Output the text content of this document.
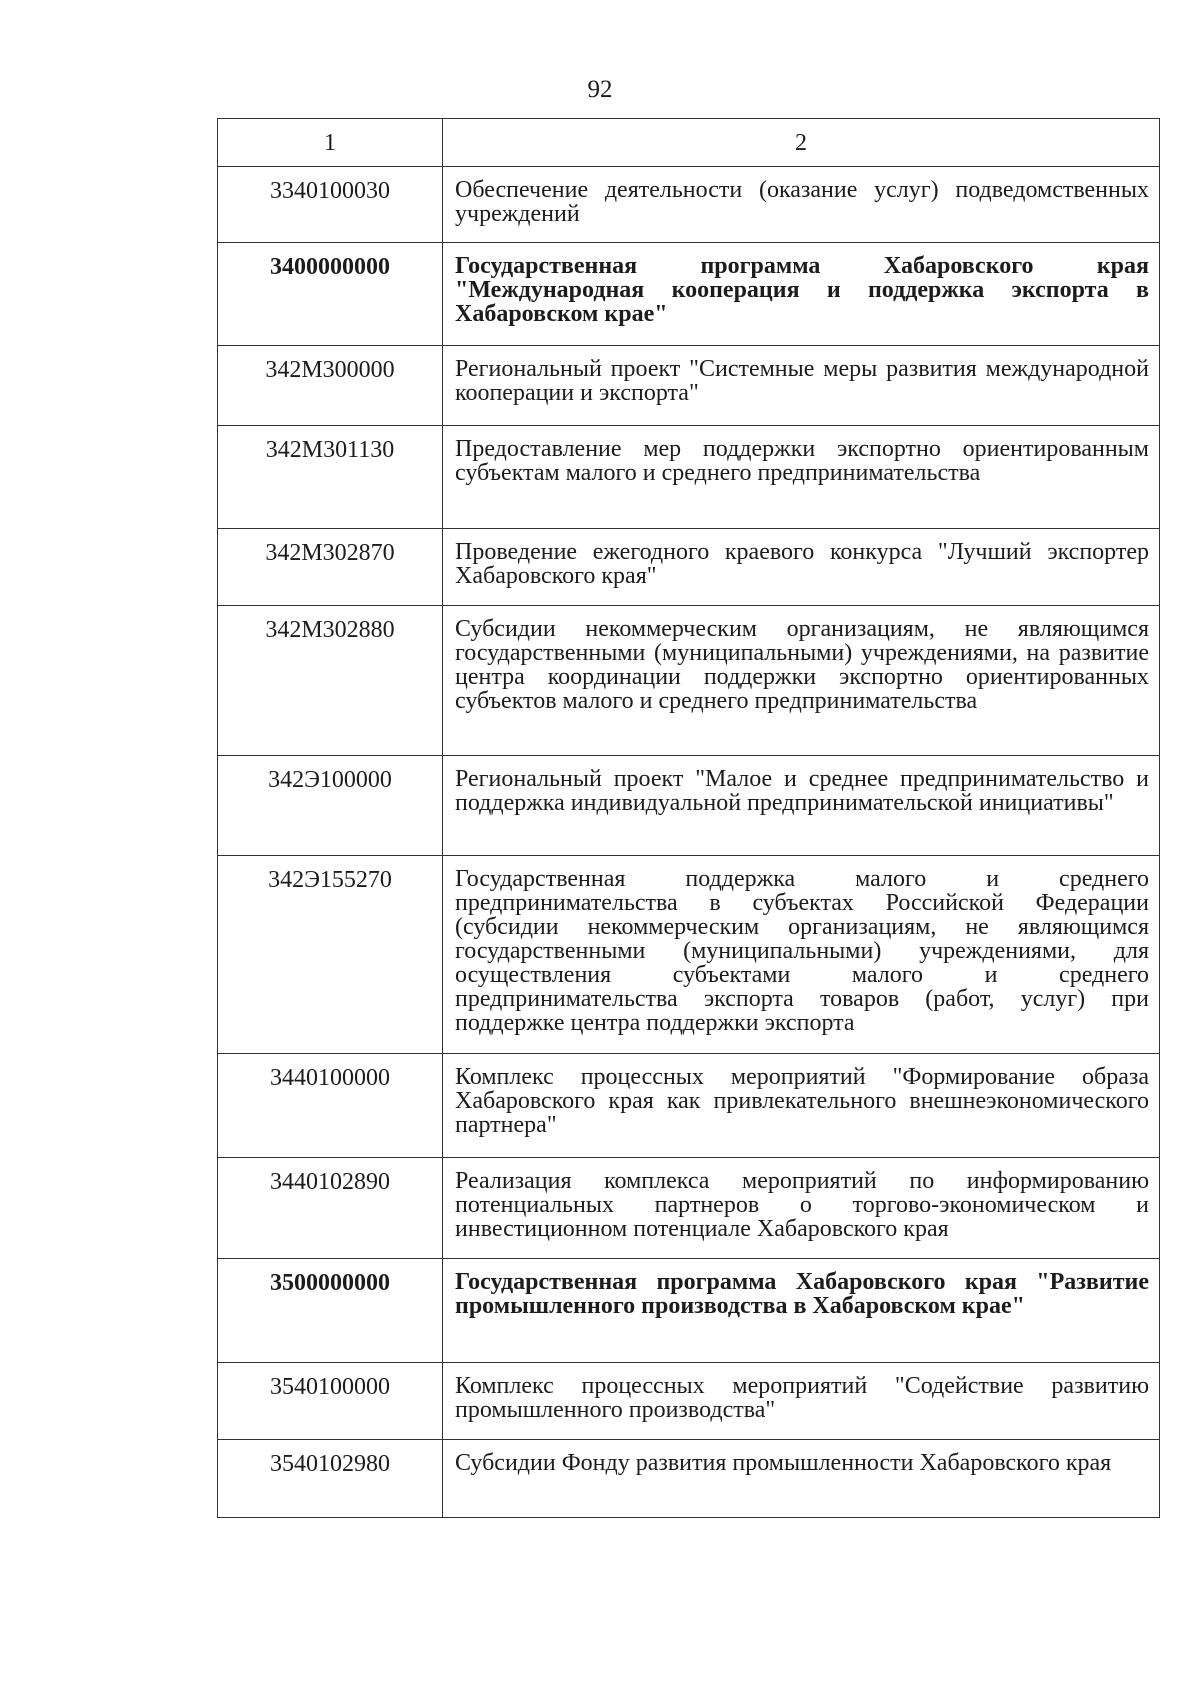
92
1	2
3340100030	Обеспечение деятельности (оказание услуг) подведомственных учреждений
3400000000	Государственная программа Хабаровского края "Международная кооперация и поддержка экспорта в Хабаровском крае"
342М300000	Региональный проект "Системные меры развития международной кооперации и экспорта"
342М301130	Предоставление мер поддержки экспортно ориентированным субъектам малого и среднего предпринимательства
342М302870	Проведение ежегодного краевого конкурса "Лучший экспортер Хабаровского края"
342М302880	Субсидии некоммерческим организациям, не являющимся государственными (муниципальными) учреждениями, на развитие центра координации поддержки экспортно ориентированных субъектов малого и среднего предпринимательства
342Э100000	Региональный проект "Малое и среднее предпринимательство и поддержка индивидуальной предпринимательской инициативы"
342Э155270	Государственная поддержка малого и среднего предпринимательства в субъектах Российской Федерации (субсидии некоммерческим организациям, не являющимся государственными (муниципальными) учреждениями, для осуществления субъектами малого и среднего предпринимательства экспорта товаров (работ, услуг) при поддержке центра поддержки экспорта
3440100000	Комплекс процессных мероприятий "Формирование образа Хабаровского края как привлекательного внешнеэкономического партнера"
3440102890	Реализация комплекса мероприятий по информированию потенциальных партнеров о торгово-экономическом и инвестиционном потенциале Хабаровского края
3500000000	Государственная программа Хабаровского края "Развитие промышленного производства в Хабаровском крае"
3540100000	Комплекс процессных мероприятий "Содействие развитию промышленного производства"
3540102980	Субсидии Фонду развития промышленности Хабаровского края
